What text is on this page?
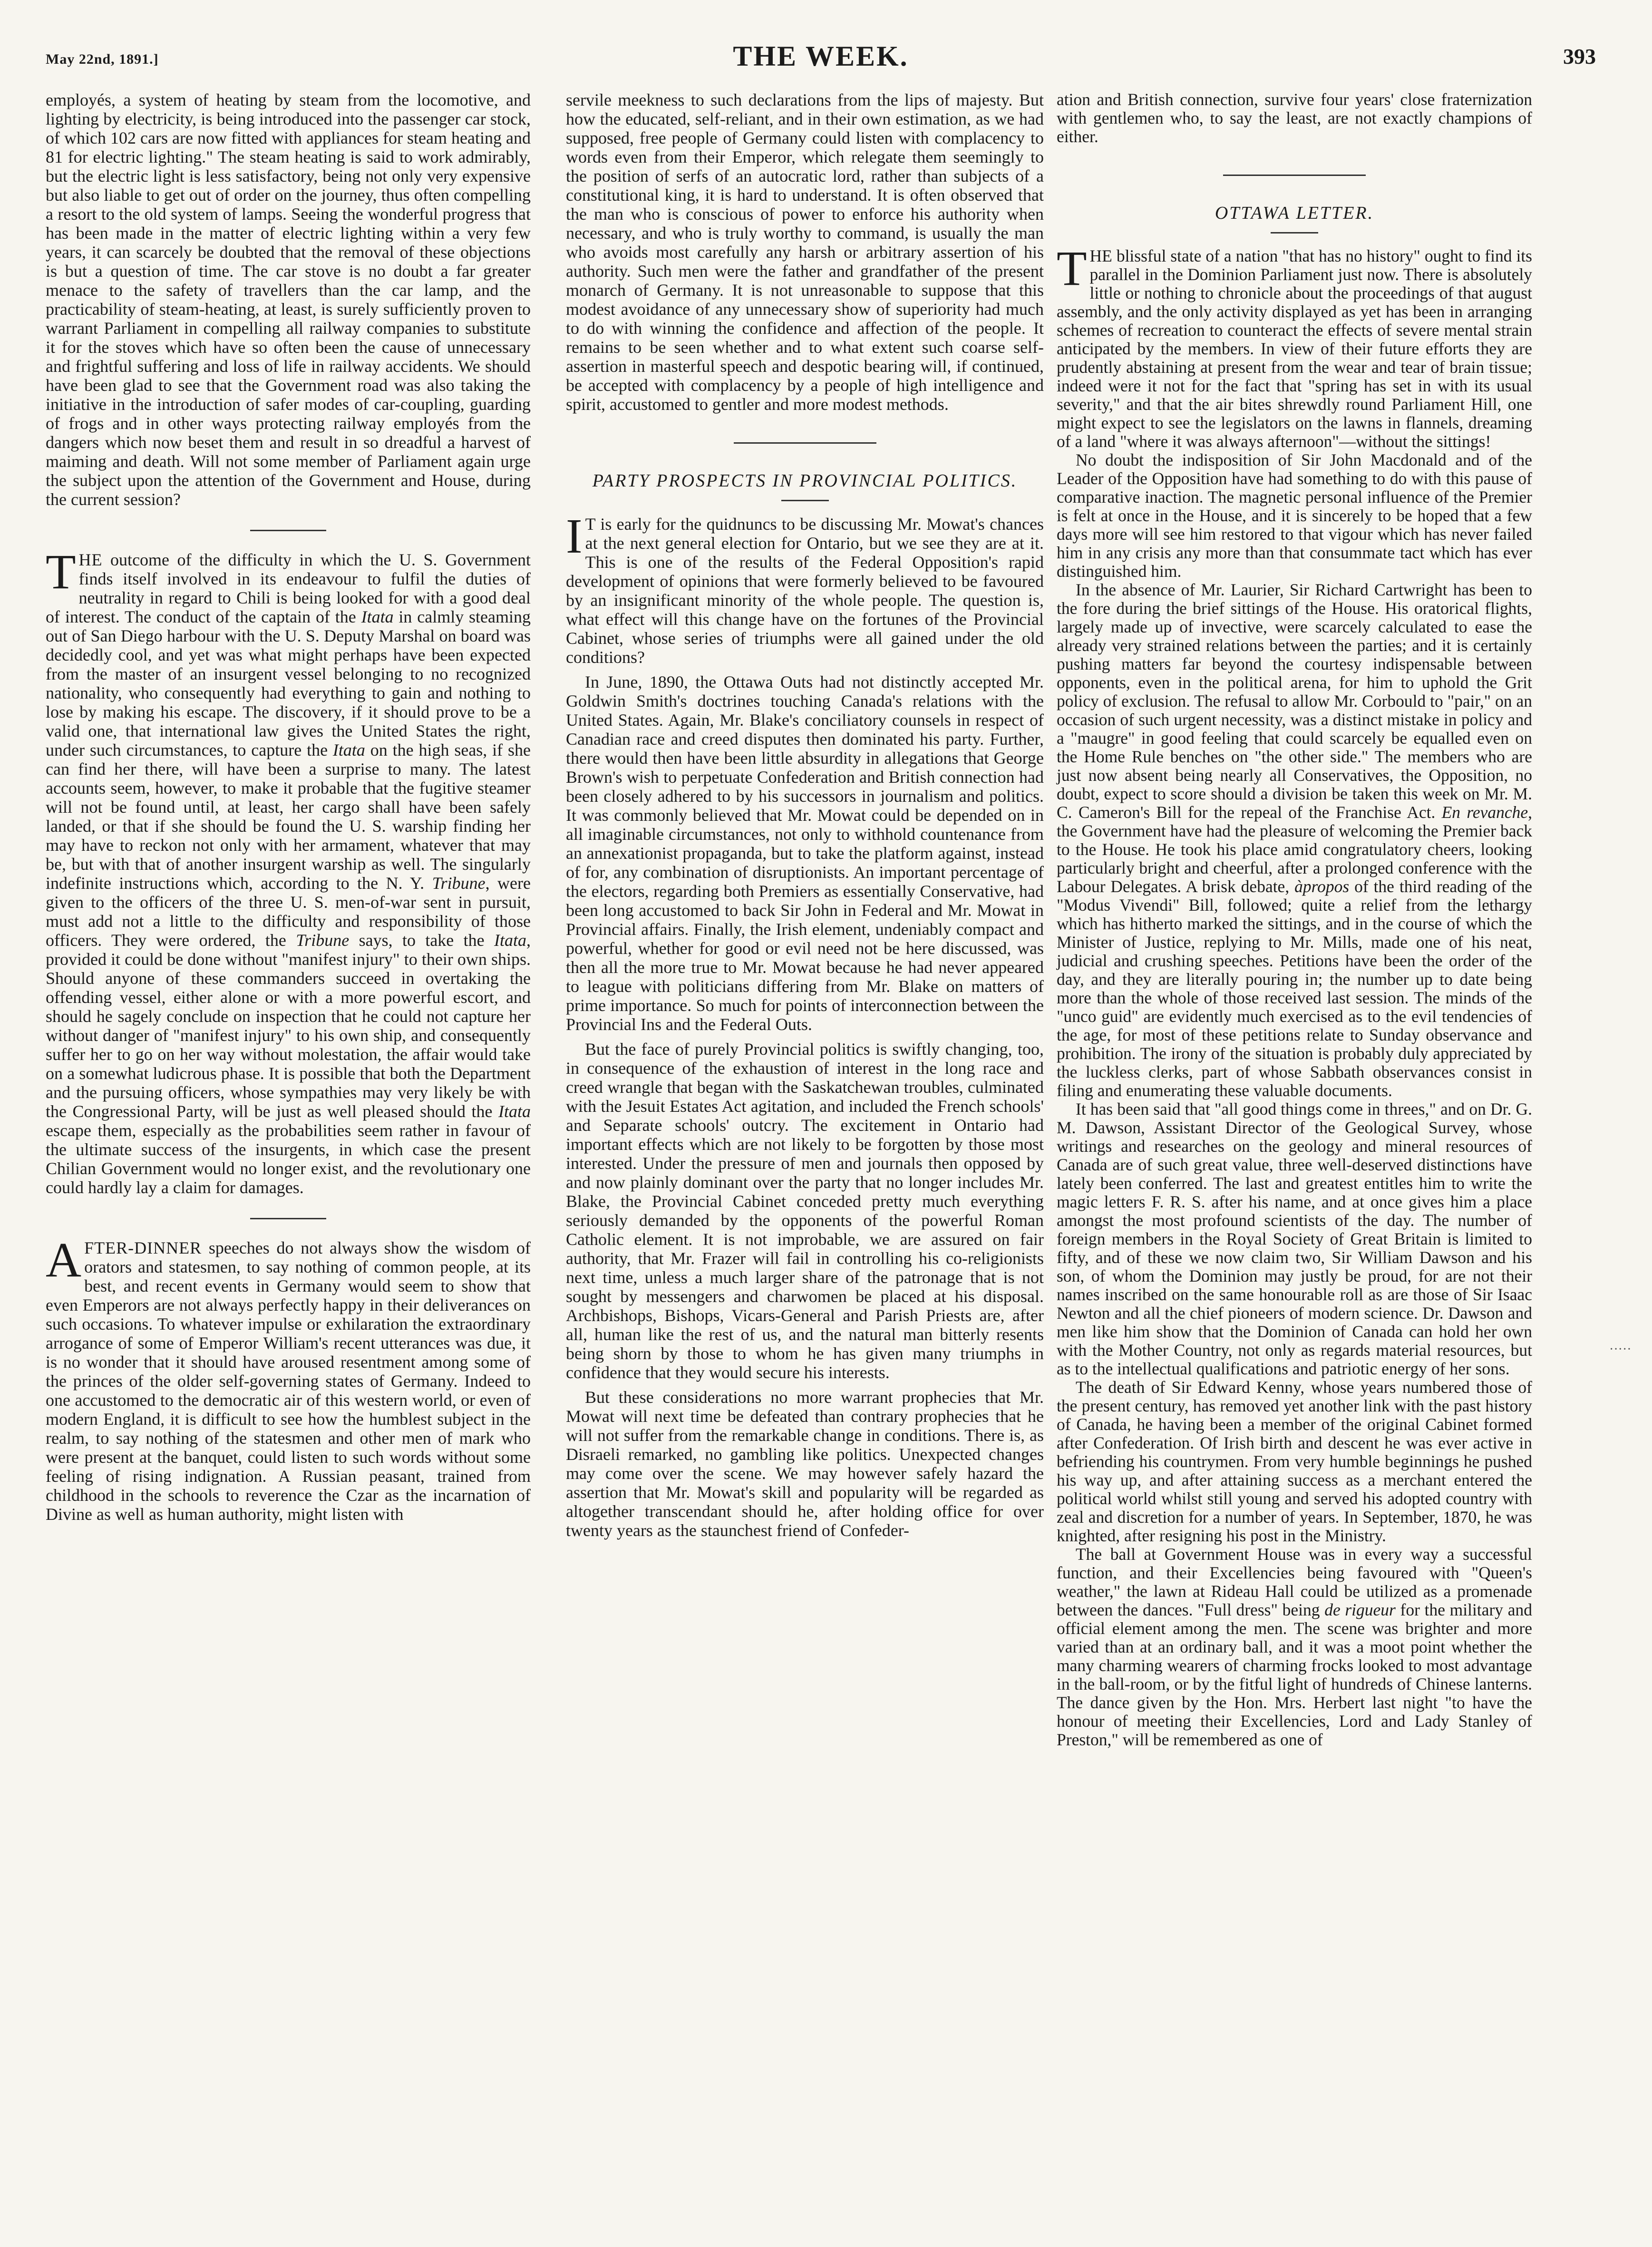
May 22nd, 1891.]	THE WEEK.	393

employés, a system of heating by steam from the locomotive, and lighting by electricity, is being introduced into the passenger car stock, of which 102 cars are now fitted with appliances for steam heating and 81 for electric lighting." The steam heating is said to work admirably, but the electric light is less satisfactory, being not only very expensive but also liable to get out of order on the journey, thus often compelling a resort to the old system of lamps. Seeing the wonderful progress that has been made in the matter of electric lighting within a very few years, it can scarcely be doubted that the removal of these objections is but a question of time. The car stove is no doubt a far greater menace to the safety of travellers than the car lamp, and the practicability of steam-heating, at least, is surely sufficiently proven to warrant Parliament in compelling all railway companies to substitute it for the stoves which have so often been the cause of unnecessary and frightful suffering and loss of life in railway accidents. We should have been glad to see that the Government road was also taking the initiative in the introduction of safer modes of car-coupling, guarding of frogs and in other ways protecting railway employés from the dangers which now beset them and result in so dreadful a harvest of maiming and death. Will not some member of Parliament again urge the subject upon the attention of the Government and House, during the current session?

THE outcome of the difficulty in which the U. S. Government finds itself involved in its endeavour to fulfil the duties of neutrality in regard to Chili is being looked for with a good deal of interest. The conduct of the captain of the Itata in calmly steaming out of San Diego harbour with the U. S. Deputy Marshal on board was decidedly cool, and yet was what might perhaps have been expected from the master of an insurgent vessel belonging to no recognized nationality, who consequently had everything to gain and nothing to lose by making his escape. The discovery, if it should prove to be a valid one, that international law gives the United States the right, under such circumstances, to capture the Itata on the high seas, if she can find her there, will have been a surprise to many. The latest accounts seem, however, to make it probable that the fugitive steamer will not be found until, at least, her cargo shall have been safely landed, or that if she should be found the U. S. warship finding her may have to reckon not only with her armament, whatever that may be, but with that of another insurgent warship as well. The singularly indefinite instructions which, according to the N. Y. Tribune, were given to the officers of the three U. S. men-of-war sent in pursuit, must add not a little to the difficulty and responsibility of those officers. They were ordered, the Tribune says, to take the Itata, provided it could be done without "manifest injury" to their own ships. Should anyone of these commanders succeed in overtaking the offending vessel, either alone or with a more powerful escort, and should he sagely conclude on inspection that he could not capture her without danger of "manifest injury" to his own ship, and consequently suffer her to go on her way without molestation, the affair would take on a somewhat ludicrous phase. It is possible that both the Department and the pursuing officers, whose sympathies may very likely be with the Congressional Party, will be just as well pleased should the Itata escape them, especially as the probabilities seem rather in favour of the ultimate success of the insurgents, in which case the present Chilian Government would no longer exist, and the revolutionary one could hardly lay a claim for damages.

AFTER-DINNER speeches do not always show the wisdom of orators and statesmen, to say nothing of common people, at its best, and recent events in Germany would seem to show that even Emperors are not always perfectly happy in their deliverances on such occasions. To whatever impulse or exhilaration the extraordinary arrogance of some of Emperor William's recent utterances was due, it is no wonder that it should have aroused resentment among some of the princes of the older self-governing states of Germany. Indeed to one accustomed to the democratic air of this western world, or even of modern England, it is difficult to see how the humblest subject in the realm, to say nothing of the statesmen and other men of mark who were present at the banquet, could listen to such words without some feeling of rising indignation. A Russian peasant, trained from childhood in the schools to reverence the Czar as the incarnation of Divine as well as human authority, might listen with

servile meekness to such declarations from the lips of majesty. But how the educated, self-reliant, and in their own estimation, as we had supposed, free people of Germany could listen with complacency to words even from their Emperor, which relegate them seemingly to the position of serfs of an autocratic lord, rather than subjects of a constitutional king, it is hard to understand. It is often observed that the man who is conscious of power to enforce his authority when necessary, and who is truly worthy to command, is usually the man who avoids most carefully any harsh or arbitrary assertion of his authority. Such men were the father and grandfather of the present monarch of Germany. It is not unreasonable to suppose that this modest avoidance of any unnecessary show of superiority had much to do with winning the confidence and affection of the people. It remains to be seen whether and to what extent such coarse self-assertion in masterful speech and despotic bearing will, if continued, be accepted with complacency by a people of high intelligence and spirit, accustomed to gentler and more modest methods.

PARTY PROSPECTS IN PROVINCIAL POLITICS.

I T is early for the quidnuncs to be discussing Mr. Mowat's chances at the next general election for Ontario, but we see they are at it. This is one of the results of the Federal Opposition's rapid development of opinions that were formerly believed to be favoured by an insignificant minority of the whole people. The question is, what effect will this change have on the fortunes of the Provincial Cabinet, whose series of triumphs were all gained under the old conditions?

In June, 1890, the Ottawa Outs had not distinctly accepted Mr. Goldwin Smith's doctrines touching Canada's relations with the United States. Again, Mr. Blake's conciliatory counsels in respect of Canadian race and creed disputes then dominated his party. Further, there would then have been little absurdity in allegations that George Brown's wish to perpetuate Confederation and British connection had been closely adhered to by his successors in journalism and politics. It was commonly believed that Mr. Mowat could be depended on in all imaginable circumstances, not only to withhold countenance from an annexationist propaganda, but to take the platform against, instead of for, any combination of disruptionists. An important percentage of the electors, regarding both Premiers as essentially Conservative, had been long accustomed to back Sir John in Federal and Mr. Mowat in Provincial affairs. Finally, the Irish element, undeniably compact and powerful, whether for good or evil need not be here discussed, was then all the more true to Mr. Mowat because he had never appeared to league with politicians differing from Mr. Blake on matters of prime importance. So much for points of interconnection between the Provincial Ins and the Federal Outs.

But the face of purely Provincial politics is swiftly changing, too, in consequence of the exhaustion of interest in the long race and creed wrangle that began with the Saskatchewan troubles, culminated with the Jesuit Estates Act agitation, and included the French schools' and Separate schools' outcry. The excitement in Ontario had important effects which are not likely to be forgotten by those most interested. Under the pressure of men and journals then opposed by and now plainly dominant over the party that no longer includes Mr. Blake, the Provincial Cabinet conceded pretty much everything seriously demanded by the opponents of the powerful Roman Catholic element. It is not improbable, we are assured on fair authority, that Mr. Frazer will fail in controlling his co-religionists next time, unless a much larger share of the patronage that is not sought by messengers and charwomen be placed at his disposal. Archbishops, Bishops, Vicars-General and Parish Priests are, after all, human like the rest of us, and the natural man bitterly resents being shorn by those to whom he has given many triumphs in confidence that they would secure his interests.

But these considerations no more warrant prophecies that Mr. Mowat will next time be defeated than contrary prophecies that he will not suffer from the remarkable change in conditions. There is, as Disraeli remarked, no gambling like politics. Unexpected changes may come over the scene. We may however safely hazard the assertion that Mr. Mowat's skill and popularity will be regarded as altogether transcendant should he, after holding office for over twenty years as the staunchest friend of Confeder-

ation and British connection, survive four years' close fraternization with gentlemen who, to say the least, are not exactly champions of either.

OTTAWA LETTER.

THE blissful state of a nation "that has no history" ought to find its parallel in the Dominion Parliament just now. There is absolutely little or nothing to chronicle about the proceedings of that august assembly, and the only activity displayed as yet has been in arranging schemes of recreation to counteract the effects of severe mental strain anticipated by the members. In view of their future efforts they are prudently abstaining at present from the wear and tear of brain tissue; indeed were it not for the fact that "spring has set in with its usual severity," and that the air bites shrewdly round Parliament Hill, one might expect to see the legislators on the lawns in flannels, dreaming of a land "where it was always afternoon"—without the sittings!

No doubt the indisposition of Sir John Macdonald and of the Leader of the Opposition have had something to do with this pause of comparative inaction. The magnetic personal influence of the Premier is felt at once in the House, and it is sincerely to be hoped that a few days more will see him restored to that vigour which has never failed him in any crisis any more than that consummate tact which has ever distinguished him.

In the absence of Mr. Laurier, Sir Richard Cartwright has been to the fore during the brief sittings of the House. His oratorical flights, largely made up of invective, were scarcely calculated to ease the already very strained relations between the parties; and it is certainly pushing matters far beyond the courtesy indispensable between opponents, even in the political arena, for him to uphold the Grit policy of exclusion. The refusal to allow Mr. Corbould to "pair," on an occasion of such urgent necessity, was a distinct mistake in policy and a "maugre" in good feeling that could scarcely be equalled even on the Home Rule benches on "the other side." The members who are just now absent being nearly all Conservatives, the Opposition, no doubt, expect to score should a division be taken this week on Mr. M. C. Cameron's Bill for the repeal of the Franchise Act. En revanche, the Government have had the pleasure of welcoming the Premier back to the House. He took his place amid congratulatory cheers, looking particularly bright and cheerful, after a prolonged conference with the Labour Delegates. A brisk debate, àpropos of the third reading of the "Modus Vivendi" Bill, followed; quite a relief from the lethargy which has hitherto marked the sittings, and in the course of which the Minister of Justice, replying to Mr. Mills, made one of his neat, judicial and crushing speeches. Petitions have been the order of the day, and they are literally pouring in; the number up to date being more than the whole of those received last session. The minds of the "unco guid" are evidently much exercised as to the evil tendencies of the age, for most of these petitions relate to Sunday observance and prohibition. The irony of the situation is probably duly appreciated by the luckless clerks, part of whose Sabbath observances consist in filing and enumerating these valuable documents.

It has been said that "all good things come in threes," and on Dr. G. M. Dawson, Assistant Director of the Geological Survey, whose writings and researches on the geology and mineral resources of Canada are of such great value, three well-deserved distinctions have lately been conferred. The last and greatest entitles him to write the magic letters F. R. S. after his name, and at once gives him a place amongst the most profound scientists of the day. The number of foreign members in the Royal Society of Great Britain is limited to fifty, and of these we now claim two, Sir William Dawson and his son, of whom the Dominion may justly be proud, for are not their names inscribed on the same honourable roll as are those of Sir Isaac Newton and all the chief pioneers of modern science. Dr. Dawson and men like him show that the Dominion of Canada can hold her own with the Mother Country, not only as regards material resources, but as to the intellectual qualifications and patriotic energy of her sons.

The death of Sir Edward Kenny, whose years numbered those of the present century, has removed yet another link with the past history of Canada, he having been a member of the original Cabinet formed after Confederation. Of Irish birth and descent he was ever active in befriending his countrymen. From very humble beginnings he pushed his way up, and after attaining success as a merchant entered the political world whilst still young and served his adopted country with zeal and discretion for a number of years. In September, 1870, he was knighted, after resigning his post in the Ministry.

The ball at Government House was in every way a successful function, and their Excellencies being favoured with "Queen's weather," the lawn at Rideau Hall could be utilized as a promenade between the dances. "Full dress" being de rigueur for the military and official element among the men. The scene was brighter and more varied than at an ordinary ball, and it was a moot point whether the many charming wearers of charming frocks looked to most advantage in the ball-room, or by the fitful light of hundreds of Chinese lanterns. The dance given by the Hon. Mrs. Herbert last night "to have the honour of meeting their Excellencies, Lord and Lady Stanley of Preston," will be remembered as one of

·····
